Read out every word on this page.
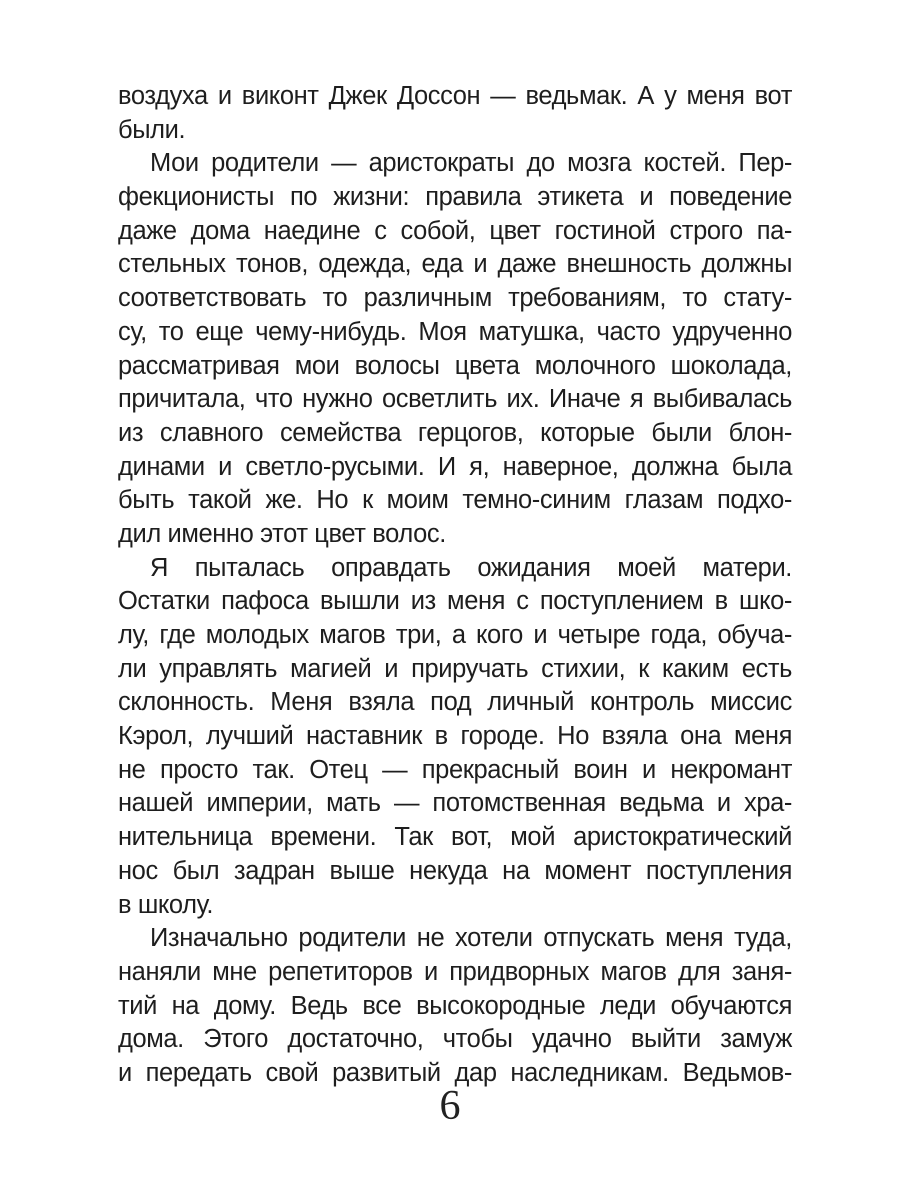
воздуха и виконт Джек Доссон — ведьмак. А у меня вот
были.
Мои родители — аристократы до мозга костей. Пер-
фекционисты по жизни: правила этикета и поведение
даже дома наедине с собой, цвет гостиной строго па-
стельных тонов, одежда, еда и даже внешность должны
соответствовать то различным требованиям, то стату-
су, то еще чему-нибудь. Моя матушка, часто удрученно
рассматривая мои волосы цвета молочного шоколада,
причитала, что нужно осветлить их. Иначе я выбивалась
из славного семейства герцогов, которые были блон-
динами и светло-русыми. И я, наверное, должна была
быть такой же. Но к моим темно-синим глазам подхо-
дил именно этот цвет волос.
Я пыталась оправдать ожидания моей матери.
Остатки пафоса вышли из меня с поступлением в шко-
лу, где молодых магов три, а кого и четыре года, обуча-
ли управлять магией и приручать стихии, к каким есть
склонность. Меня взяла под личный контроль миссис
Кэрол, лучший наставник в городе. Но взяла она меня
не просто так. Отец — прекрасный воин и некромант
нашей империи, мать — потомственная ведьма и хра-
нительница времени. Так вот, мой аристократический
нос был задран выше некуда на момент поступления
в школу.
Изначально родители не хотели отпускать меня туда,
наняли мне репетиторов и придворных магов для заня-
тий на дому. Ведь все высокородные леди обучаются
дома. Этого достаточно, чтобы удачно выйти замуж
и передать свой развитый дар наследникам. Ведьмов-
6
